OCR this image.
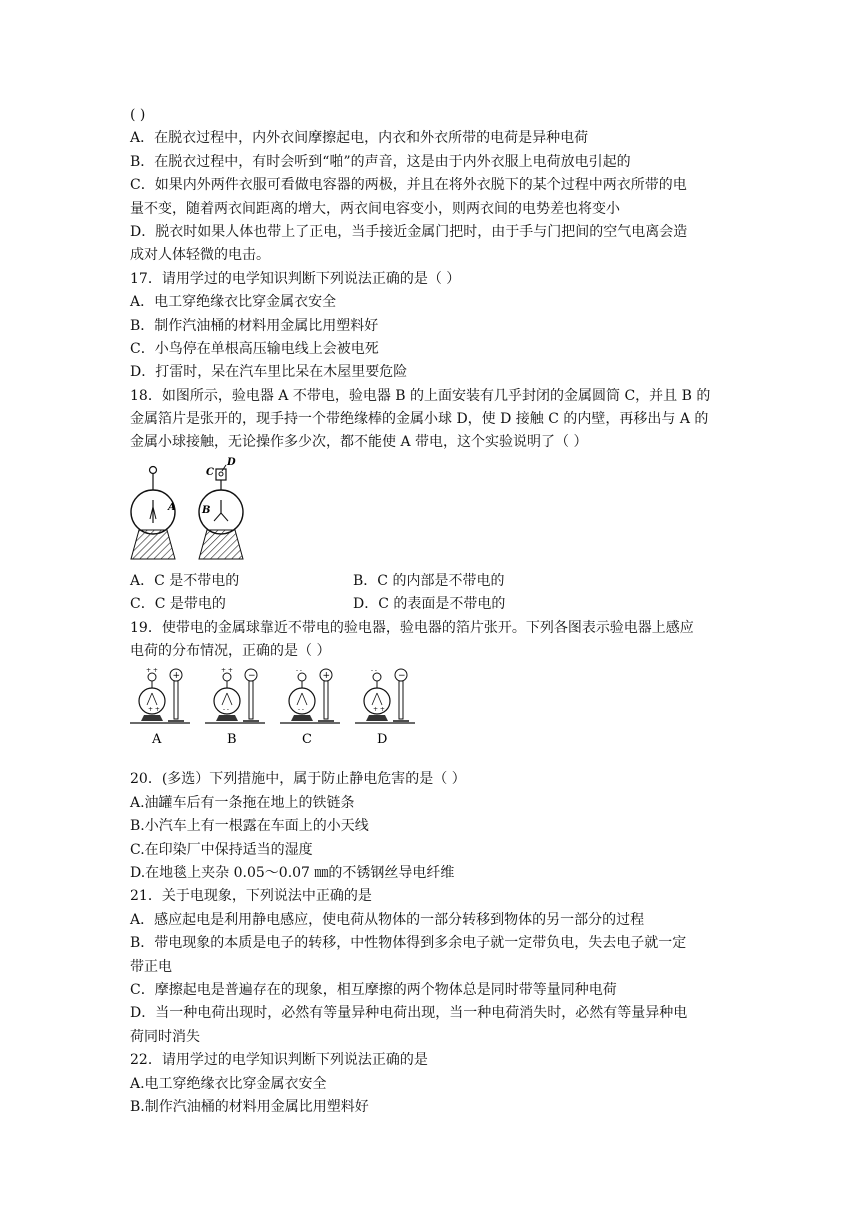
( )
A．在脱衣过程中，内外衣间摩擦起电，内衣和外衣所带的电荷是异种电荷
B．在脱衣过程中，有时会听到“啪”的声音，这是由于内外衣服上电荷放电引起的
C．如果内外两件衣服可看做电容器的两极，并且在将外衣脱下的某个过程中两衣所带的电
量不变，随着两衣间距离的增大，两衣间电容变小，则两衣间的电势差也将变小
D．脱衣时如果人体也带上了正电，当手接近金属门把时，由于手与门把间的空气电离会造
成对人体轻微的电击。
17．请用学过的电学知识判断下列说法正确的是（ ）
A．电工穿绝缘衣比穿金属衣安全
B．制作汽油桶的材料用金属比用塑料好
C．小鸟停在单根高压输电线上会被电死
D．打雷时，呆在汽车里比呆在木屋里要危险
18．如图所示，验电器 A 不带电，验电器 B 的上面安装有几乎封闭的金属圆筒 C，并且 B 的
金属箔片是张开的，现手持一个带绝缘棒的金属小球 D，使 D 接触 C 的内壁，再移出与 A 的
金属小球接触，无论操作多少次，都不能使 A 带电，这个实验说明了（ ）
A	B
C
D
A．C 是不带电的	B．C 的内部是不带电的
C．C 是带电的	D．C 的表面是不带电的
19．使带电的金属球靠近不带电的验电器，验电器的箔片张开。下列各图表示验电器上感应
电荷的分布情况，正确的是（ ）
+ +
+ +
+
A
+ +
- -
−
B
- -
- -
+
C
- -
+ +
−
D
20．(多选）下列措施中，属于防止静电危害的是（ ）
A.油罐车后有一条拖在地上的铁链条
B.小汽车上有一根露在车面上的小天线
C.在印染厂中保持适当的湿度
D.在地毯上夹杂 0.05～0.07 ㎜的不锈钢丝导电纤维
21．关于电现象，下列说法中正确的是
A．感应起电是利用静电感应，使电荷从物体的一部分转移到物体的另一部分的过程
B．带电现象的本质是电子的转移，中性物体得到多余电子就一定带负电，失去电子就一定
带正电
C．摩擦起电是普遍存在的现象，相互摩擦的两个物体总是同时带等量同种电荷
D．当一种电荷出现时，必然有等量异种电荷出现，当一种电荷消失时，必然有等量异种电
荷同时消失
22．请用学过的电学知识判断下列说法正确的是
A.电工穿绝缘衣比穿金属衣安全
B.制作汽油桶的材料用金属比用塑料好
